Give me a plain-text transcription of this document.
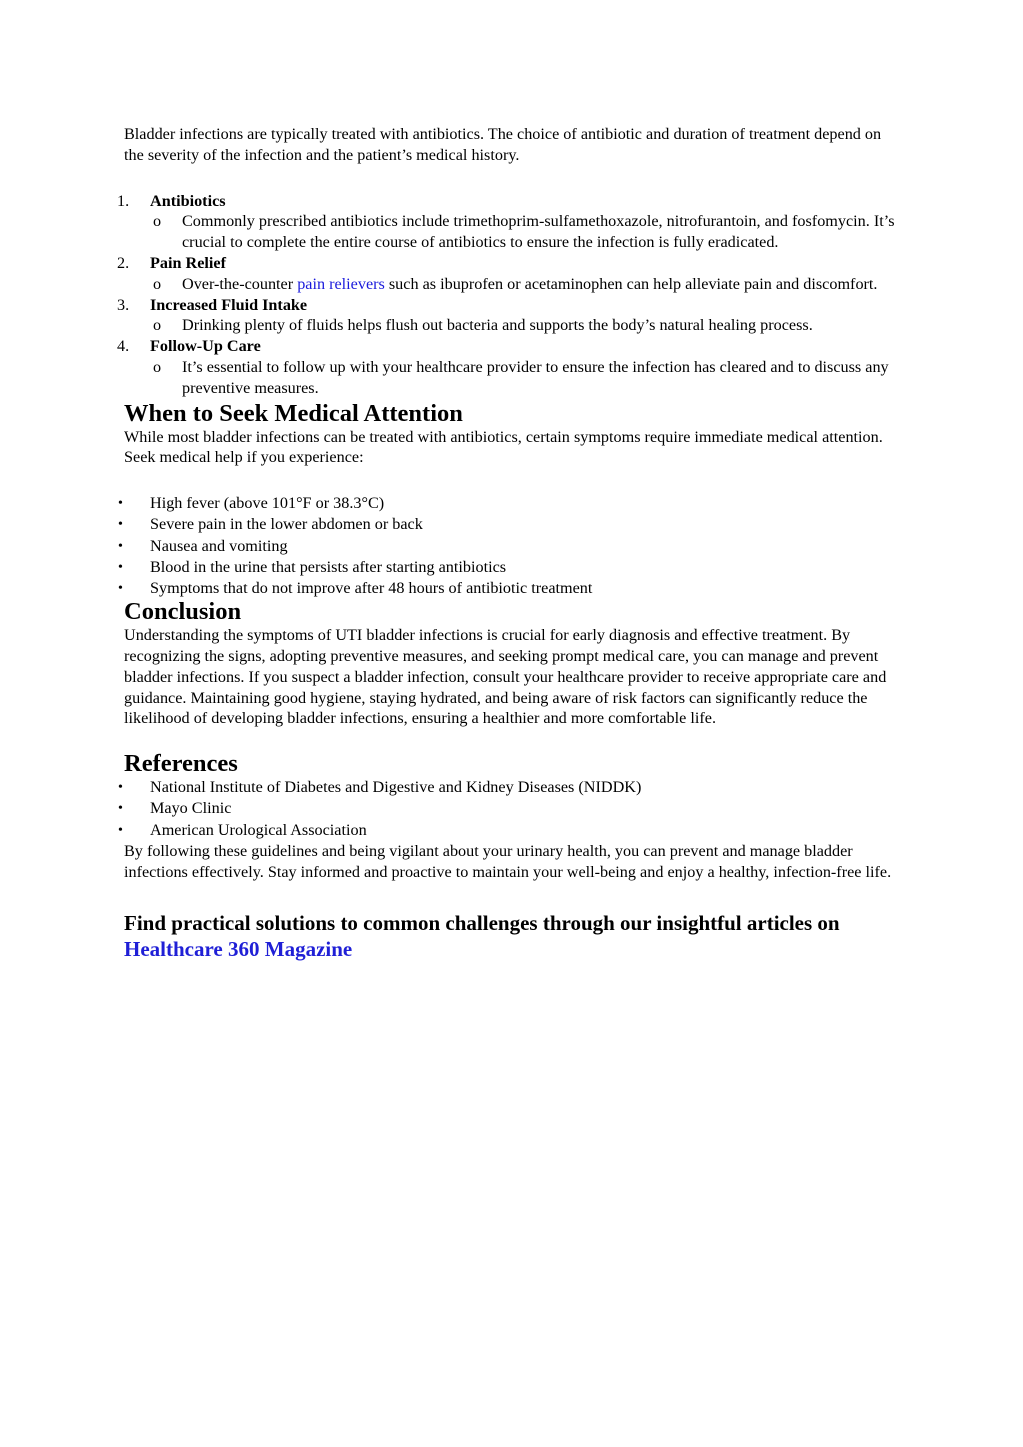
Bladder infections are typically treated with antibiotics. The choice of antibiotic and duration of treatment depend on the severity of the infection and the patient’s medical history.

1. Antibiotics
o Commonly prescribed antibiotics include trimethoprim-sulfamethoxazole, nitrofurantoin, and fosfomycin. It’s crucial to complete the entire course of antibiotics to ensure the infection is fully eradicated.
2. Pain Relief
o Over-the-counter pain relievers such as ibuprofen or acetaminophen can help alleviate pain and discomfort.
3. Increased Fluid Intake
o Drinking plenty of fluids helps flush out bacteria and supports the body’s natural healing process.
4. Follow-Up Care
o It’s essential to follow up with your healthcare provider to ensure the infection has cleared and to discuss any preventive measures.
When to Seek Medical Attention

While most bladder infections can be treated with antibiotics, certain symptoms require immediate medical attention. Seek medical help if you experience:

• High fever (above 101°F or 38.3°C)
• Severe pain in the lower abdomen or back
• Nausea and vomiting
• Blood in the urine that persists after starting antibiotics
• Symptoms that do not improve after 48 hours of antibiotic treatment
Conclusion

Understanding the symptoms of UTI bladder infections is crucial for early diagnosis and effective treatment. By recognizing the signs, adopting preventive measures, and seeking prompt medical care, you can manage and prevent bladder infections. If you suspect a bladder infection, consult your healthcare provider to receive appropriate care and guidance. Maintaining good hygiene, staying hydrated, and being aware of risk factors can significantly reduce the likelihood of developing bladder infections, ensuring a healthier and more comfortable life.

References
• National Institute of Diabetes and Digestive and Kidney Diseases (NIDDK)
• Mayo Clinic
• American Urological Association

By following these guidelines and being vigilant about your urinary health, you can prevent and manage bladder infections effectively. Stay informed and proactive to maintain your well-being and enjoy a healthy, infection-free life.

Find practical solutions to common challenges through our insightful articles on Healthcare 360 Magazine
